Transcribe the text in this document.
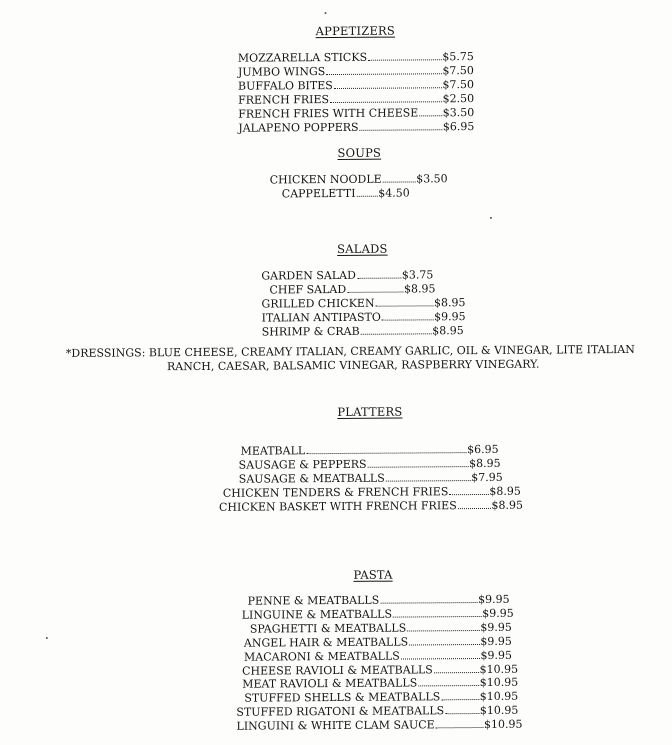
APPETIZERS
MOZZARELLA STICKS	$5.75
JUMBO WINGS	$7.50
BUFFALO BITES	$7.50
FRENCH FRIES	$2.50
FRENCH FRIES WITH CHEESE $3.50
JALAPENO POPPERS	$6.95
SOUPS
CHICKEN NOODLE	$3.50
CAPPELETTI $4.50
SALADS
GARDEN SALAD	$3.75
CHEF SALAD	$8.95
GRILLED CHICKEN	$8.95
ITALIAN ANTIPASTO	$9.95
SHRIMP & CRAB	$8.95
*DRESSINGS: BLUE CHEESE, CREAMY ITALIAN, CREAMY GARLIC, OIL & VINEGAR, LITE ITALIAN
RANCH, CAESAR, BALSAMIC VINEGAR, RASPBERRY VINEGARY.
PLATTERS
MEATBALL	$6.95
SAUSAGE & PEPPERS	$8.95
SAUSAGE & MEATBALLS	$7.95
CHICKEN TENDERS & FRENCH FRIES	$8.95
CHICKEN BASKET WITH FRENCH FRIES	$8.95
PASTA
PENNE & MEATBALLS	$9.95
LINGUINE & MEATBALLS	$9.95
SPAGHETTI & MEATBALLS	$9.95
ANGEL HAIR & MEATBALLS	$9.95
MACARONI & MEATBALLS	$9.95
CHEESE RAVIOLI & MEATBALLS	$10.95
MEAT RAVIOLI & MEATBALLS	$10.95
STUFFED SHELLS & MEATBALLS	$10.95
STUFFED RIGATONI & MEATBALLS	$10.95
LINGUINI & WHITE CLAM SAUCE	$10.95
